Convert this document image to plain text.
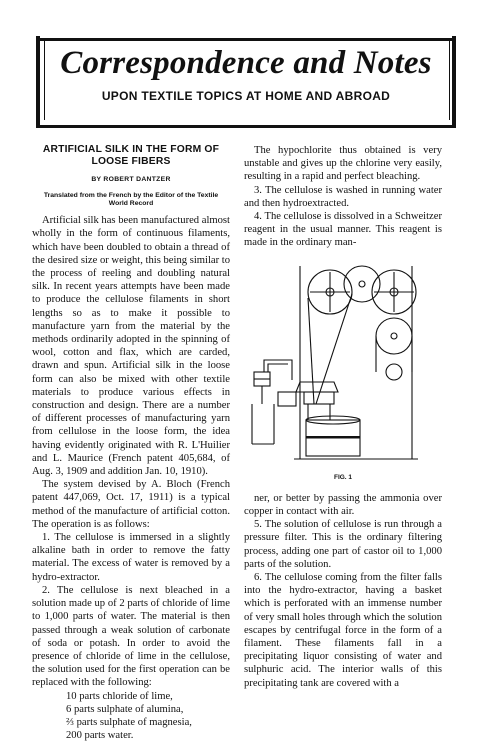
Correspondence and Notes
UPON TEXTILE TOPICS AT HOME AND ABROAD
ARTIFICIAL SILK IN THE FORM OF
LOOSE FIBERS
BY ROBERT DANTZER
Translated from the French by the Editor of the Textile
World Record

Artificial silk has been manufactured almost wholly in the form of continuous filaments, which have been doubled to obtain a thread of the desired size or weight, this being similar to the process of reeling and doubling natural silk. In recent years attempts have been made to produce the cellulose filaments in short lengths so as to make it possible to manufacture yarn from the material by the methods ordinarily adopted in the spinning of wool, cotton and flax, which are carded, drawn and spun. Artificial silk in the loose form can also be mixed with other textile materials to produce various effects in construction and design. There are a number of different processes of manufacturing yarn from cellulose in the loose form, the idea having evidently originated with R. L'Huilier and L. Maurice (French patent 405,684, of Aug. 3, 1909 and addition Jan. 10, 1910).

The system devised by A. Bloch (French patent 447,069, Oct. 17, 1911) is a typical method of the manufacture of artificial cotton. The operation is as follows:

1. The cellulose is immersed in a slightly alkaline bath in order to remove the fatty material. The excess of water is removed by a hydro-extractor.

2. The cellulose is next bleached in a solution made up of 2 parts of chloride of lime to 1,000 parts of water. The material is then passed through a weak solution of carbonate of soda or potash. In order to avoid the presence of chloride of lime in the cellulose, the solution used for the first operation can be replaced with the following:

10 parts chloride of lime,

6 parts sulphate of alumina,

⅔ parts sulphate of magnesia,

200 parts water.

The hypochlorite thus obtained is very unstable and gives up the chlorine very easily, resulting in a rapid and perfect bleaching.

3. The cellulose is washed in running water and then hydroextracted.

4. The cellulose is dissolved in a Schweitzer reagent in the usual manner. This reagent is made in the ordinary man-

FIG. 1

ner, or better by passing the ammonia over copper in contact with air.

5. The solution of cellulose is run through a pressure filter. This is the ordinary filtering process, adding one part of castor oil to 1,000 parts of the solution.

6. The cellulose coming from the filter falls into the hydro-extractor, having a basket which is perforated with an immense number of very small holes through which the solution escapes by centrifugal force in the form of a filament. These filaments fall in a precipitating liquor consisting of water and sulphuric acid. The interior walls of this precipitating tank are covered with a
